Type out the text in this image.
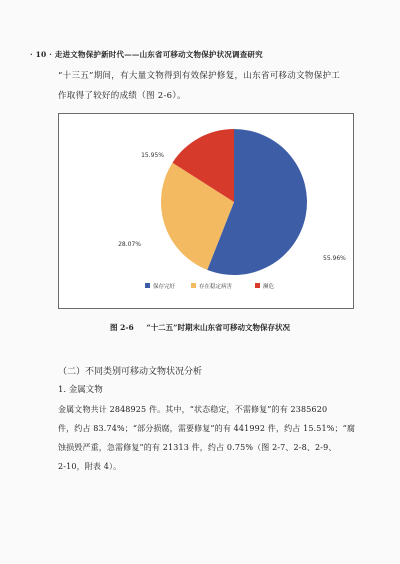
· 10 · 走进文物保护新时代——山东省可移动文物保护状况调查研究
“十三五”期间，有大量文物得到有效保护修复，山东省可移动文物保护工
作取得了较好的成绩（图 2-6）。
55.96%
28.07%
15.95%
保存完好	存在稳定病害	濒危
图 2-6 “十二五”时期末山东省可移动文物保存状况
（二）不同类别可移动文物状况分析
1. 金属文物
金属文物共计 2848925 件。其中，“状态稳定，不需修复”的有 2385620
件，约占 83.74%；“部分损腐，需要修复”的有 441992 件，约占 15.51%；“腐
蚀损毁严重，急需修复”的有 21313 件，约占 0.75%（图 2-7、2-8、2-9、
2-10，附表 4）。
